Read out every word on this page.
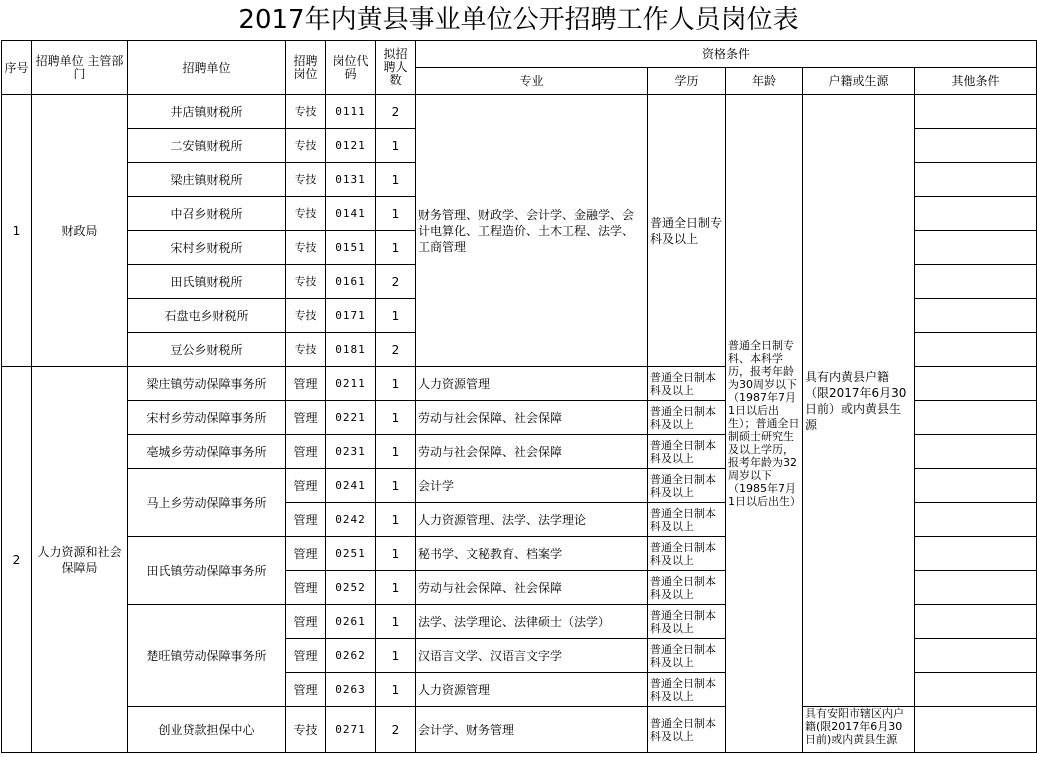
2017年内黄县事业单位公开招聘工作人员岗位表
序号	招聘单位 主管部门	招聘单位	招聘岗位	岗位代码	拟招聘人数	资格条件				
						专业	学历	年龄	户籍或生源	其他条件
1	财政局	井店镇财税所	专技	0111	2	财务管理、财政学、会计学、金融学、会计电算化、工程造价、土木工程、法学、工商管理	普通全日制专科及以上	普通全日制专科、本科学历，报考年龄为30周岁以下（1987年7月1日以后出生）；普通全日制硕士研究生及以上学历，报考年龄为32周岁以下（1985年7月1日以后出生）	具有内黄县户籍（限2017年6月30日前）或内黄县生源	
		二安镇财税所	专技	0121	1					
		梁庄镇财税所	专技	0131	1					
		中召乡财税所	专技	0141	1					
		宋村乡财税所	专技	0151	1					
		田氏镇财税所	专技	0161	2					
		石盘屯乡财税所	专技	0171	1					
		豆公乡财税所	专技	0181	2					
2	人力资源和社会保障局	梁庄镇劳动保障事务所	管理	0211	1	人力资源管理	普通全日制本科及以上			
		宋村乡劳动保障事务所	管理	0221	1	劳动与社会保障、社会保障	普通全日制本科及以上			
		亳城乡劳动保障事务所	管理	0231	1	劳动与社会保障、社会保障	普通全日制本科及以上			
		马上乡劳动保障事务所	管理	0241	1	会计学	普通全日制本科及以上			
			管理	0242	1	人力资源管理、法学、法学理论	普通全日制本科及以上			
		田氏镇劳动保障事务所	管理	0251	1	秘书学、文秘教育、档案学	普通全日制本科及以上			
			管理	0252	1	劳动与社会保障、社会保障	普通全日制本科及以上			
		楚旺镇劳动保障事务所	管理	0261	1	法学、法学理论、法律硕士（法学）	普通全日制本科及以上			
			管理	0262	1	汉语言文学、汉语言文字学	普通全日制本科及以上			
			管理	0263	1	人力资源管理	普通全日制本科及以上			
		创业贷款担保中心	专技	0271	2	会计学、财务管理	普通全日制本科及以上		具有安阳市辖区内户籍(限2017年6月30日前)或内黄县生源	
